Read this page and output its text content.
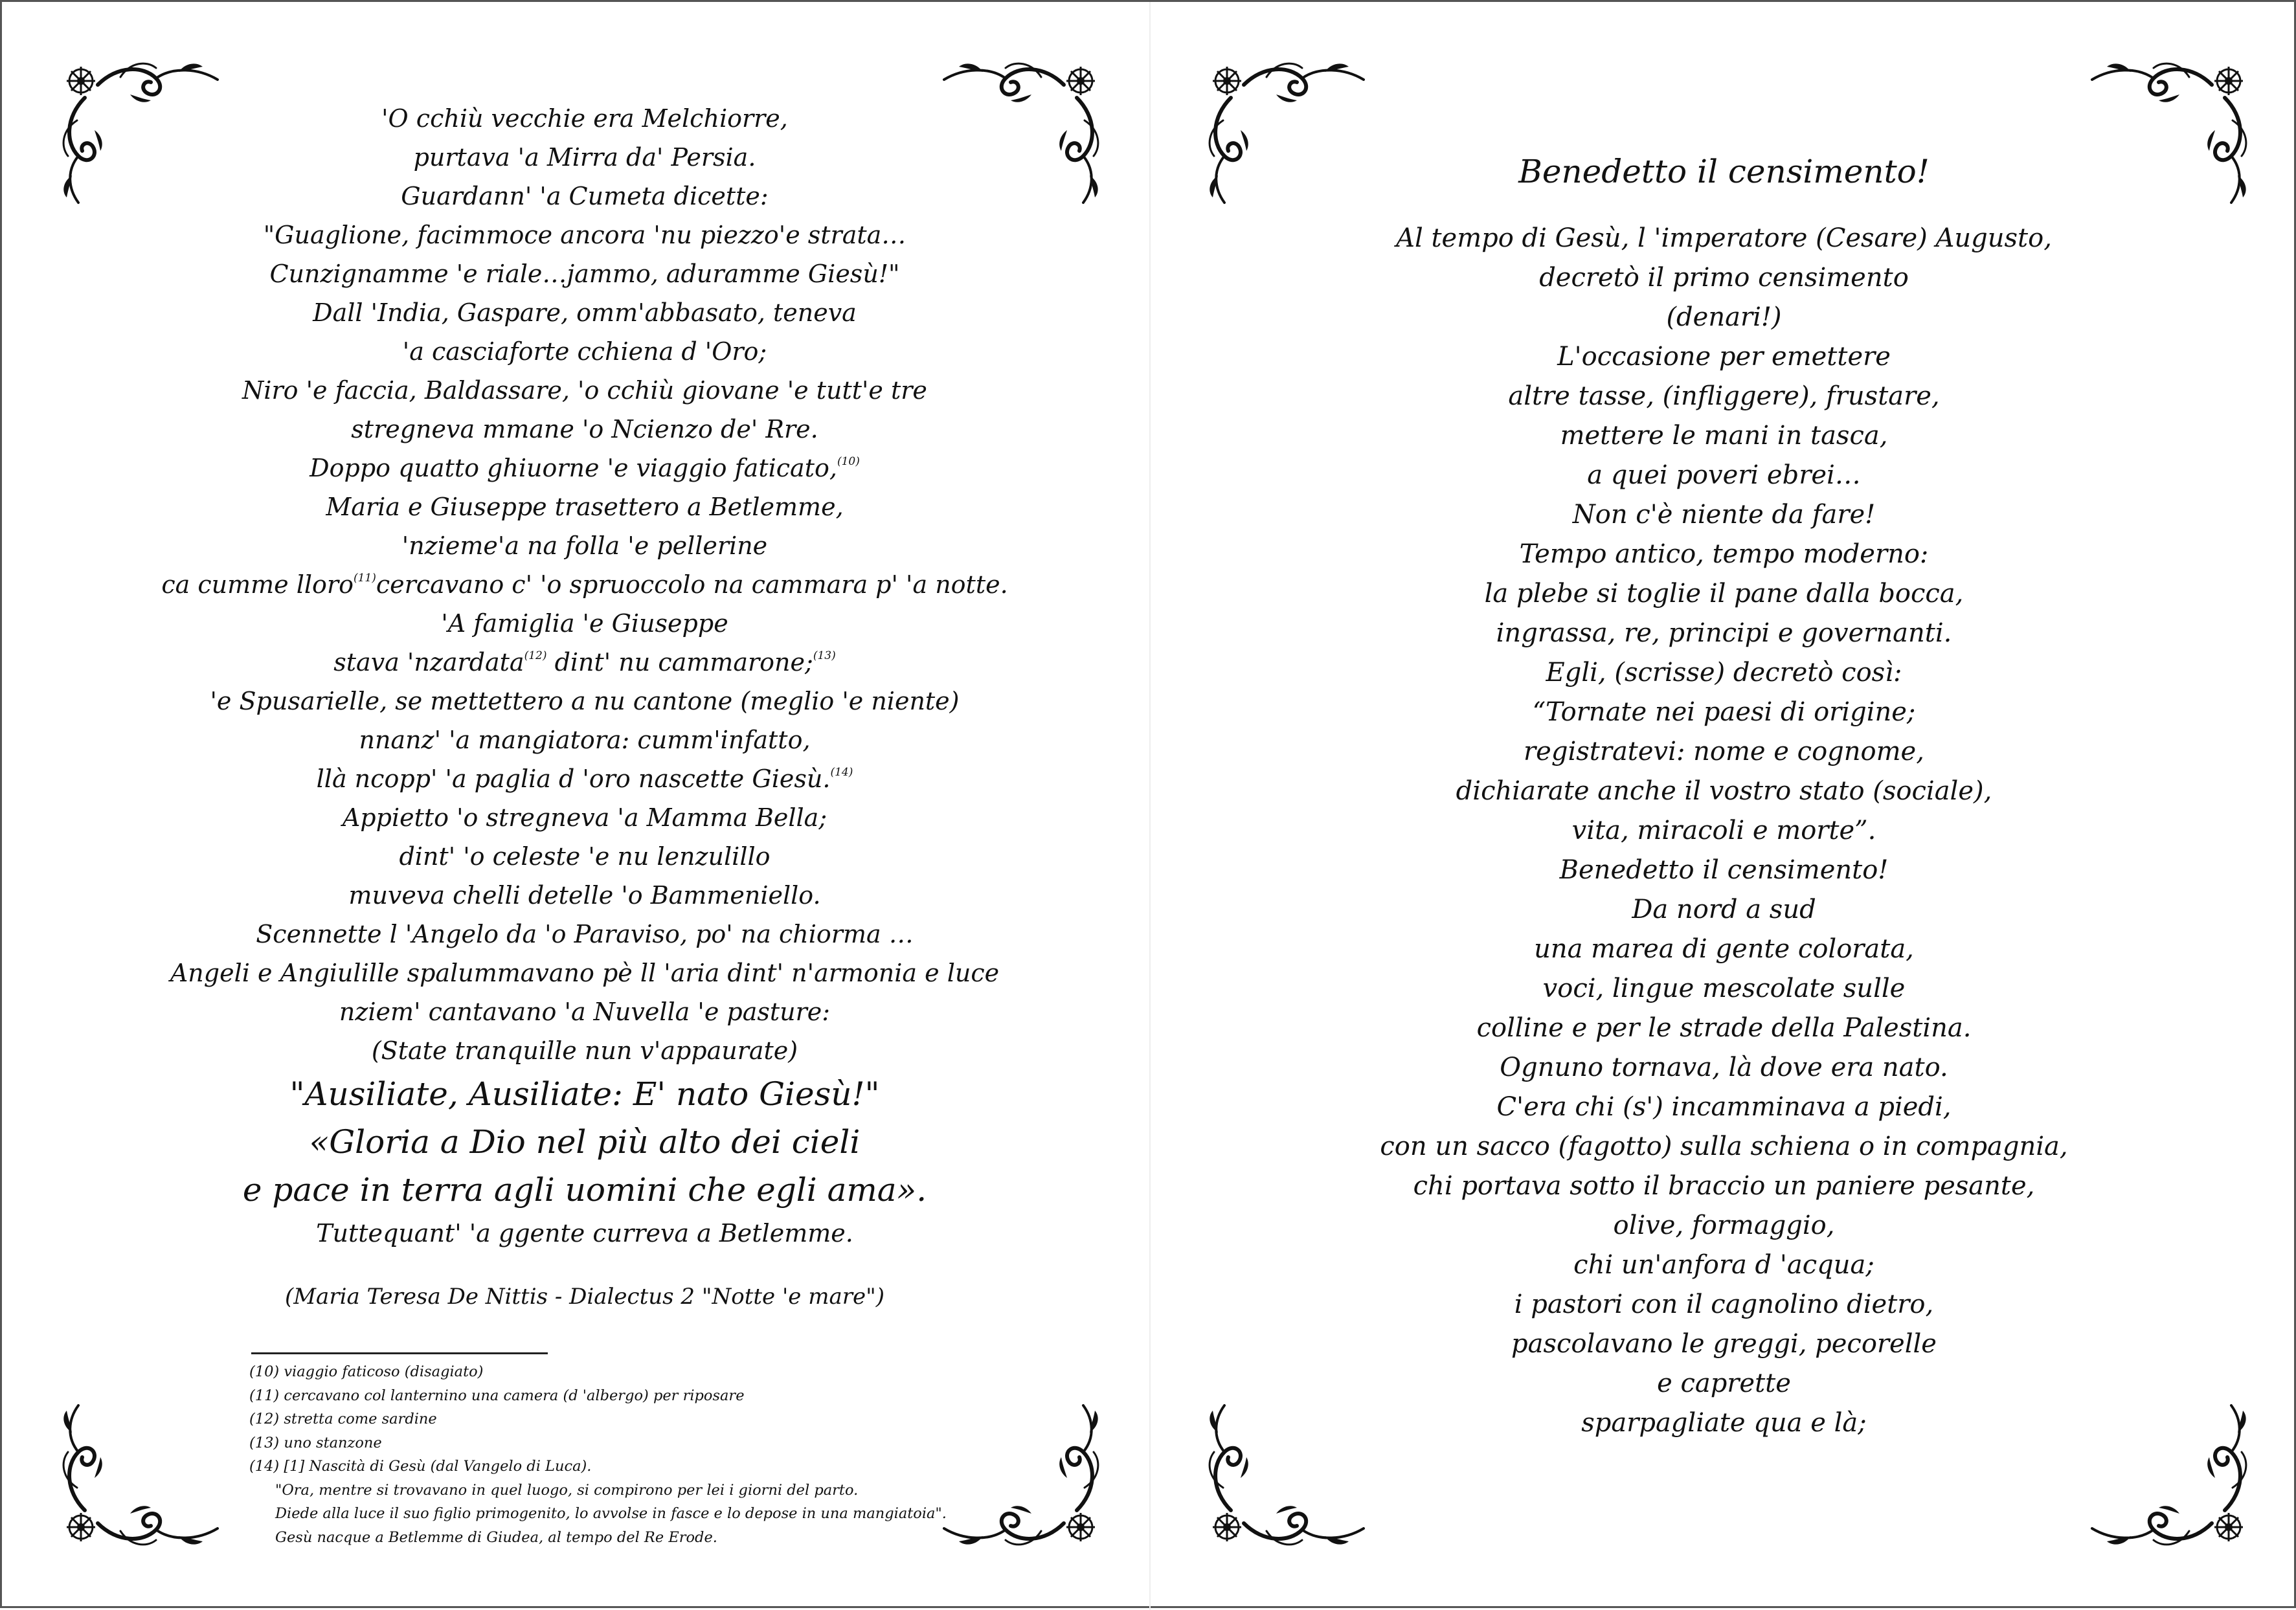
'O cchiù vecchie era Melchiorre,
purtava 'a Mirra da' Persia.
Guardann' 'a Cumeta dicette:
"Guaglione, facimmoce ancora 'nu piezzo'e strata…
Cunzignamme 'e riale…jammo, aduramme Giesù!"
Dall 'India, Gaspare, omm'abbasato, teneva
'a casciaforte cchiena d 'Oro;
Niro 'e faccia, Baldassare, 'o cchiù giovane 'e tutt'e tre
stregneva mmane 'o Ncienzo de' Rre.
Doppo quatto ghiuorne 'e viaggio faticato,$^{(10)}$
Maria e Giuseppe trasettero a Betlemme,
'nzieme'a na folla 'e pellerine
ca cumme lloro$^{(11)}$cercavano c' 'o spruoccolo na cammara p' 'a notte.
'A famiglia 'e Giuseppe
stava 'nzardata$^{(12)}$ dint' nu cammarone;$^{(13)}$
'e Spusarielle, se mettettero a nu cantone (meglio 'e niente)
nnanz' 'a mangiatora: cumm'infatto,
llà ncopp' 'a paglia d 'oro nascette Giesù.$^{(14)}$
Appietto 'o stregneva 'a Mamma Bella;
dint' 'o celeste 'e nu lenzulillo
muveva chelli detelle 'o Bammeniello.
Scennette l 'Angelo da 'o Paraviso, po' na chiorma …
Angeli e Angiulille spalummavano pè ll 'aria dint' n'armonia e luce
nziem' cantavano 'a Nuvella 'e pasture:
(State tranquille nun v'appaurate)
"Ausiliate, Ausiliate: E' nato Giesù!"
«Gloria a Dio nel più alto dei cieli
e pace in terra agli uomini che egli ama».
Tuttequant' 'a ggente curreva a Betlemme.
(Maria Teresa De Nittis - Dialectus 2 "Notte 'e mare")
(10) viaggio faticoso (disagiato)
(11) cercavano col lanternino una camera (d 'albergo) per riposare
(12) stretta come sardine
(13) uno stanzone
(14) [1] Nascità di Gesù (dal Vangelo di Luca).
"Ora, mentre si trovavano in quel luogo, si compirono per lei i giorni del parto.
Diede alla luce il suo figlio primogenito, lo avvolse in fasce e lo depose in una mangiatoia".
Gesù nacque a Betlemme di Giudea, al tempo del Re Erode.
Benedetto il censimento!
Al tempo di Gesù, l 'imperatore (Cesare) Augusto,
decretò il primo censimento
(denari!)
L'occasione per emettere
altre tasse, (infliggere), frustare,
mettere le mani in tasca,
a quei poveri ebrei…
Non c'è niente da fare!
Tempo antico, tempo moderno:
la plebe si toglie il pane dalla bocca,
ingrassa, re, principi e governanti.
Egli, (scrisse) decretò così:
“Tornate nei paesi di origine;
registratevi: nome e cognome,
dichiarate anche il vostro stato (sociale),
vita, miracoli e morte”.
Benedetto il censimento!
Da nord a sud
una marea di gente colorata,
voci, lingue mescolate sulle
colline e per le strade della Palestina.
Ognuno tornava, là dove era nato.
C'era chi (s') incamminava a piedi,
con un sacco (fagotto) sulla schiena o in compagnia,
chi portava sotto il braccio un paniere pesante,
olive, formaggio,
chi un'anfora d 'acqua;
i pastori con il cagnolino dietro,
pascolavano le greggi, pecorelle
e caprette
sparpagliate qua e là;
